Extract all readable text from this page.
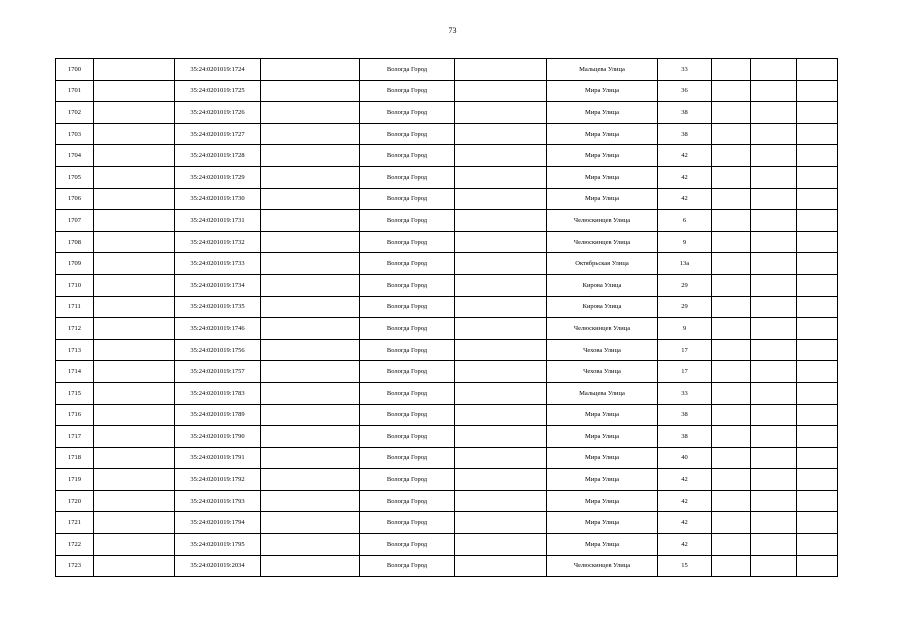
73
1700		35:24:0201019:1724		Вологда Город		Мальцева Улица	33			
1701		35:24:0201019:1725		Вологда Город		Мира Улица	36			
1702		35:24:0201019:1726		Вологда Город		Мира Улица	38			
1703		35:24:0201019:1727		Вологда Город		Мира Улица	38			
1704		35:24:0201019:1728		Вологда Город		Мира Улица	42			
1705		35:24:0201019:1729		Вологда Город		Мира Улица	42			
1706		35:24:0201019:1730		Вологда Город		Мира Улица	42			
1707		35:24:0201019:1731		Вологда Город		Челюскинцев Улица	6			
1708		35:24:0201019:1732		Вологда Город		Челюскинцев Улица	9			
1709		35:24:0201019:1733		Вологда Город		Октябрьская Улица	13а			
1710		35:24:0201019:1734		Вологда Город		Кирова Улица	29			
1711		35:24:0201019:1735		Вологда Город		Кирова Улица	29			
1712		35:24:0201019:1746		Вологда Город		Челюскинцев Улица	9			
1713		35:24:0201019:1756		Вологда Город		Чехова Улица	17			
1714		35:24:0201019:1757		Вологда Город		Чехова Улица	17			
1715		35:24:0201019:1783		Вологда Город		Мальцева Улица	33			
1716		35:24:0201019:1789		Вологда Город		Мира Улица	38			
1717		35:24:0201019:1790		Вологда Город		Мира Улица	38			
1718		35:24:0201019:1791		Вологда Город		Мира Улица	40			
1719		35:24:0201019:1792		Вологда Город		Мира Улица	42			
1720		35:24:0201019:1793		Вологда Город		Мира Улица	42			
1721		35:24:0201019:1794		Вологда Город		Мира Улица	42			
1722		35:24:0201019:1795		Вологда Город		Мира Улица	42			
1723		35:24:0201019:2034		Вологда Город		Челюскинцев Улица	15			
